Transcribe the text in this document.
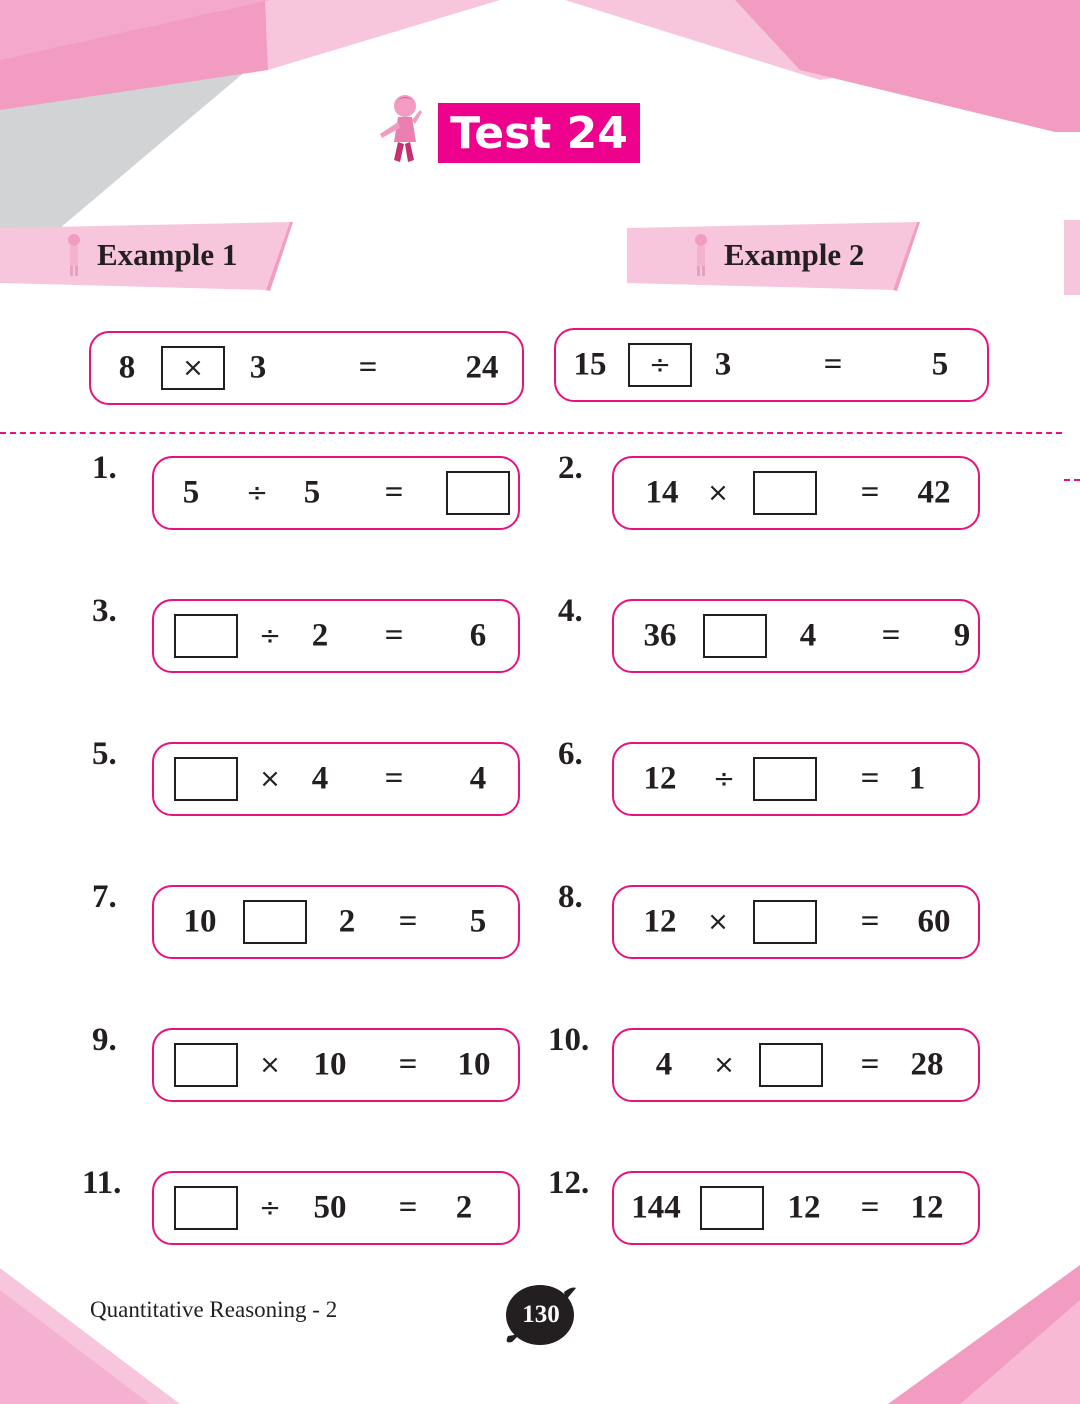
Test 24
Example 1	Example 2
8 × 3	=	24 15 ÷ 3	=	5
1.
5 ÷ 5 =
2.
14 ×	= 42
3.
÷ 2 = 6
4.
36	4 = 9
5.
× 4 = 4
6.
12 ÷	= 1
7.
10	2 = 5
8.
12 ×	= 60
9.
× 10 = 10
10.
4 ×	= 28
11.
÷ 50 = 2
12.
144	12 = 12
Quantitative Reasoning - 2	130
